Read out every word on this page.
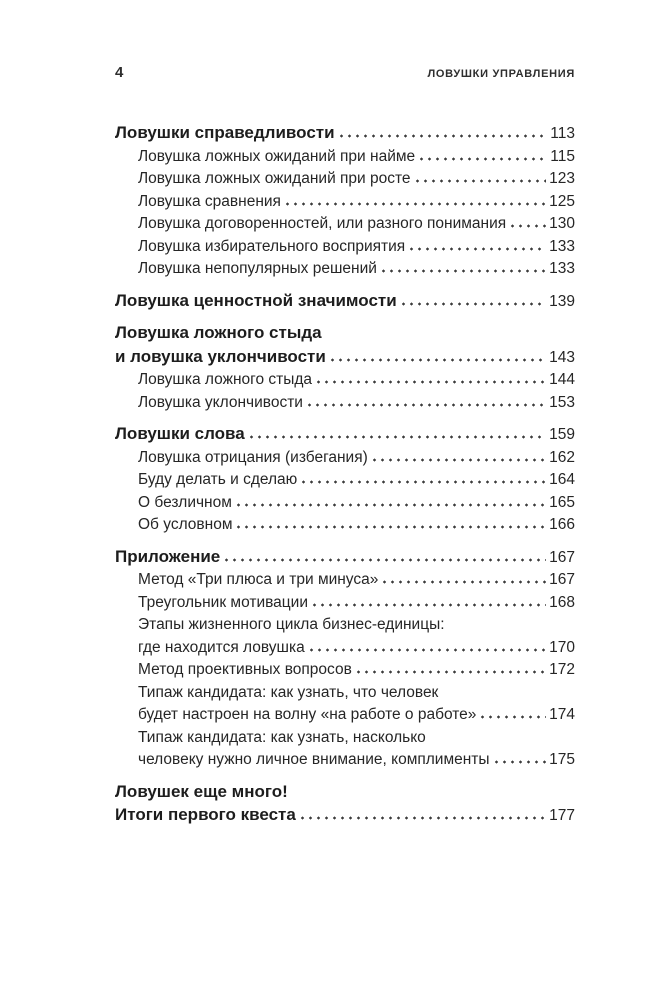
4	ЛОВУШКИ УПРАВЛЕНИЯ
Ловушки справедливости	113
Ловушка ложных ожиданий при найме	115
Ловушка ложных ожиданий при росте	123
Ловушка сравнения	125
Ловушка договоренностей, или разного понимания	130
Ловушка избирательного восприятия	133
Ловушка непопулярных решений	133
Ловушка ценностной значимости	139
Ловушка ложного стыда
и ловушка уклончивости	143
Ловушка ложного стыда	144
Ловушка уклончивости	153
Ловушки слова	159
Ловушка отрицания (избегания)	162
Буду делать и сделаю	164
О безличном	165
Об условном	166
Приложение	167
Метод «Три плюса и три минуса»	167
Треугольник мотивации	168
Этапы жизненного цикла бизнес-единицы:
где находится ловушка	170
Метод проективных вопросов	172
Типаж кандидата: как узнать, что человек
будет настроен на волну «на работе о работе»	174
Типаж кандидата: как узнать, насколько
человеку нужно личное внимание, комплименты	175
Ловушек еще много!
Итоги первого квеста	177
